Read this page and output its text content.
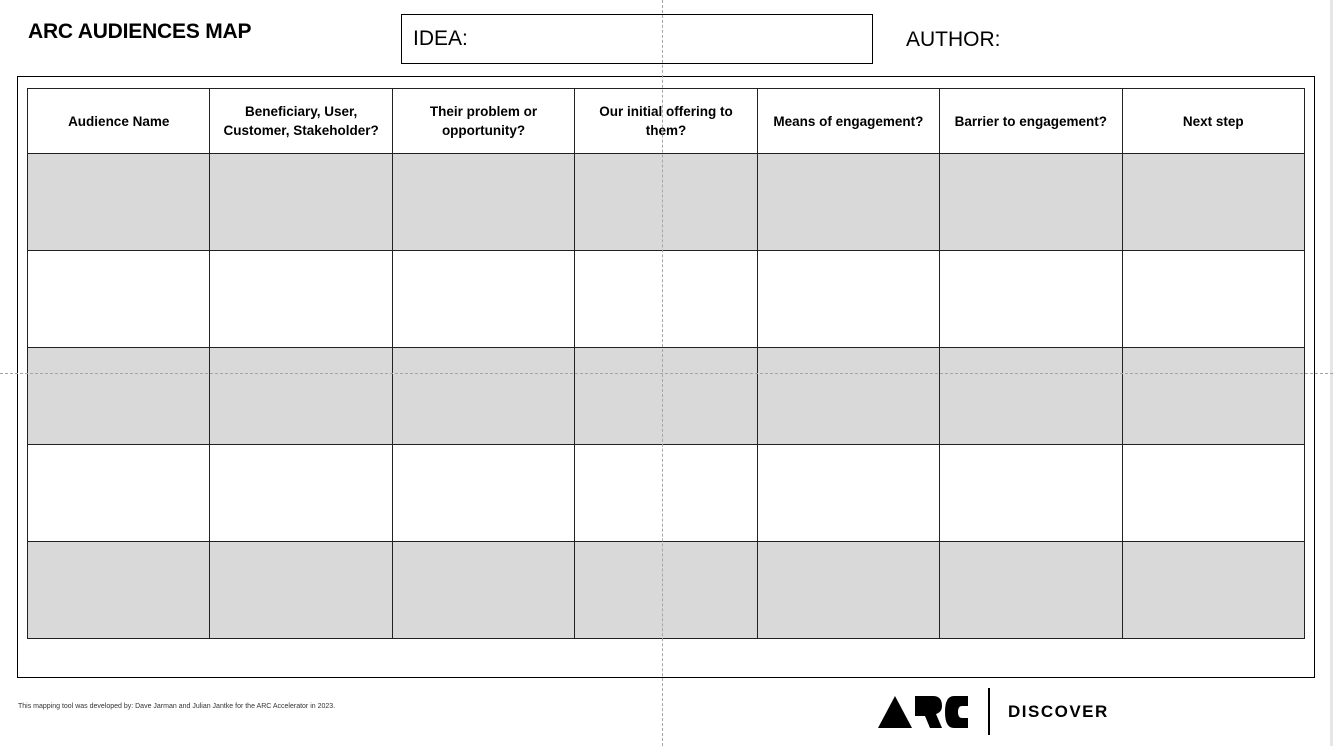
ARC AUDIENCES MAP	IDEA:	AUTHOR:
Audience Name	Beneficiary, User, Customer, Stakeholder?	Their problem or opportunity?	Our initial offering to them?	Means of engagement?	Barrier to engagement?	Next step

This mapping tool was developed by: Dave Jarman and Julian Jantke for the ARC Accelerator in 2023.	DISCOVER
